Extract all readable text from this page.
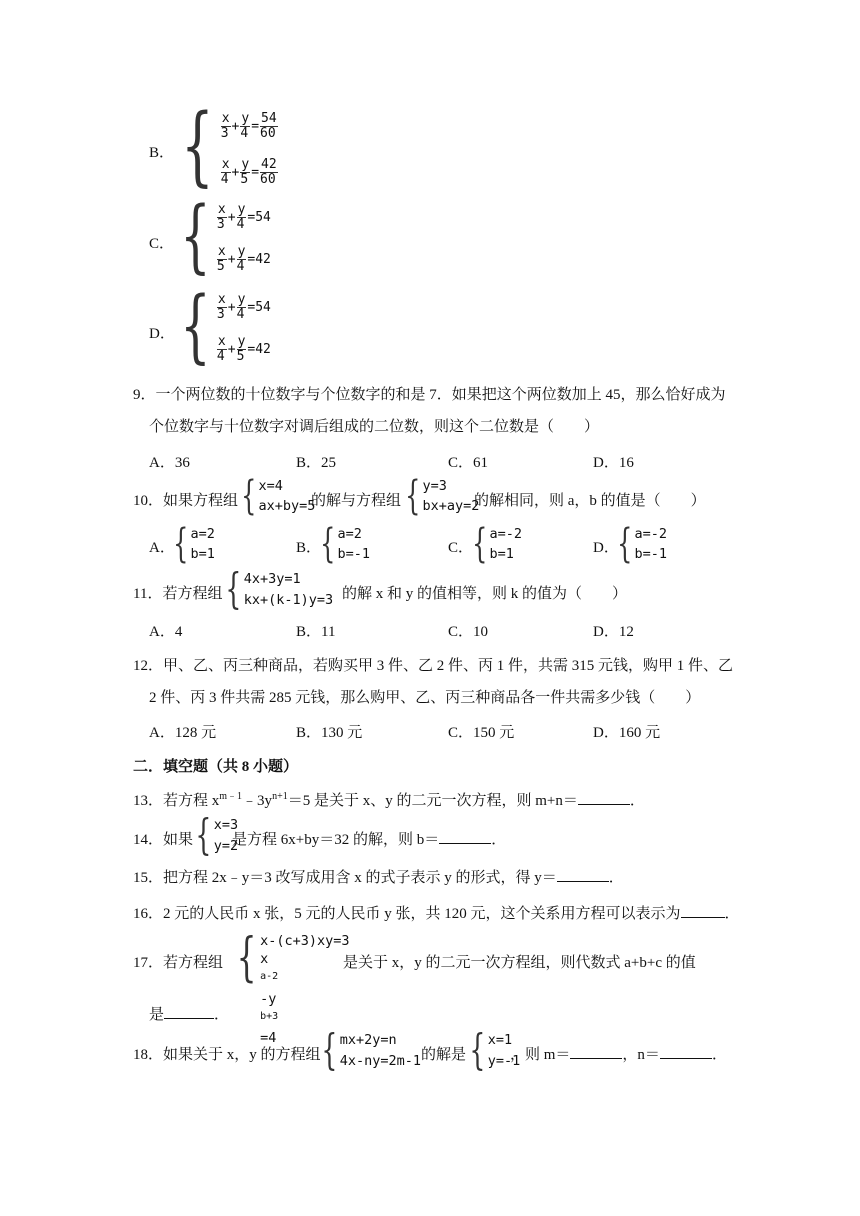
B． { $\frac{x}{3} + \frac{y}{4} = \frac{54}{60}$
$\frac{x}{4} + \frac{y}{5} = \frac{42}{60}$
C． { $\frac{x}{3} + \frac{y}{4} =54$
$\frac{x}{5} + \frac{y}{4} =42$
D． { $\frac{x}{3} + \frac{y}{4} =54$
$\frac{x}{4} + \frac{y}{5} =42$
9．一个两位数的十位数字与个位数字的和是 7．如果把这个两位数加上 45，那么恰好成为
个位数字与十位数字对调后组成的二位数，则这个二位数是（　　）
A．36	B．25	C．61	D．16
10．如果方程组 { x=4
ax+by=5
的解与方程组 { y=3
bx+ay=2
的解相同，则 a，b 的值是（　　）
A．
{ a=2
b=1	B． { a=2
b=-1	C． { a=-2
b=1	D．
{ a=-2
b=-1
11．若方程组 { 4x+3y=1
kx+(k-1)y=3 的解 x 和 y 的值相等，则 k 的值为（　　）
A．4	B．11	C．10	D．12
12．甲、乙、丙三种商品，若购买甲 3 件、乙 2 件、丙 1 件，共需 315 元钱，购甲 1 件、乙
2 件、丙 3 件共需 285 元钱，那么购甲、乙、丙三种商品各一件共需多少钱（　　）
A．128 元	B．130 元	C．150 元	D．160 元
二．填空题（共 8 小题）
13．若方程 $x^{m﹣1}﹣3y^{n+1}=5$ 是关于 x、y 的二元一次方程，则 m+n＝	．
14．如果 { x=3
y=2
是方程 6x+by＝32 的解，则 b＝	．
15．把方程 2x﹣y＝3 改写成用含 x 的式子表示 y 的形式，得 y＝	．
16．2 元的人民币 x 张，5 元的人民币 y 张，共 120 元，这个关系用方程可以表示为	．
17．若方程组 { x-(c+3)xy=3
x
$^{a-2}$
-y
$^{b+3}$
=4
是关于 x，y 的二元一次方程组，则代数式 a+b+c 的值
是	．
18．如果关于 x，y 的方程组 { mx+2y=n
4x-ny=2m-1 的解是 { x=1
y=-1
，则 m＝	，n＝	．
